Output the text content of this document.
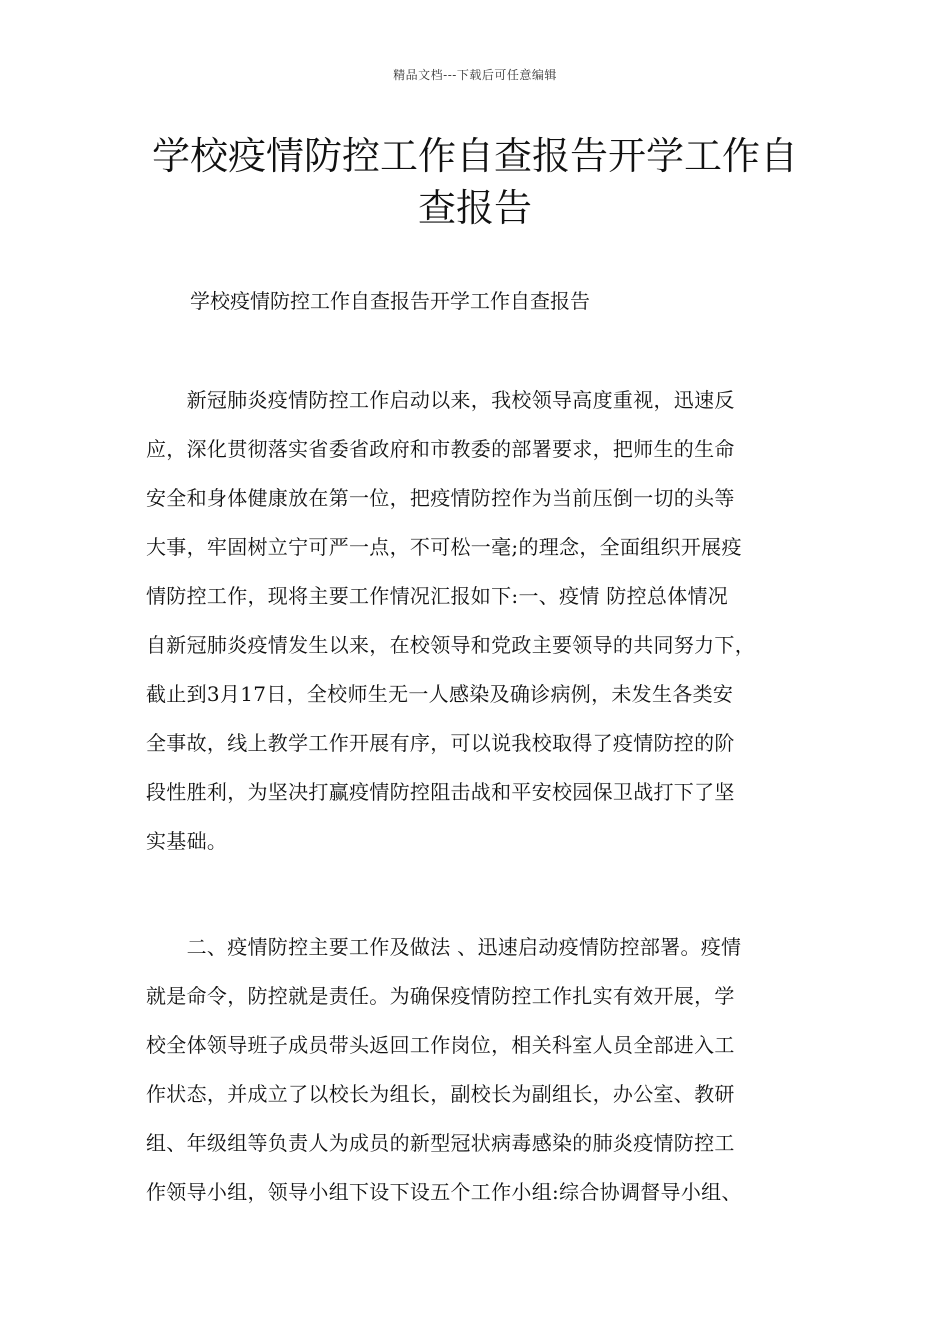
精品文档---下载后可任意编辑
学校疫情防控工作自查报告开学工作自
查报告
学校疫情防控工作自查报告开学工作自查报告
　　新冠肺炎疫情防控工作启动以来，我校领导高度重视，迅速反
应，深化贯彻落实省委省政府和市教委的部署要求，把师生的生命
安全和身体健康放在第一位，把疫情防控作为当前压倒一切的头等
大事，牢固树立宁可严一点，不可松一毫;的理念，全面组织开展疫
情防控工作，现将主要工作情况汇报如下:一、疫情 防控总体情况
自新冠肺炎疫情发生以来，在校领导和党政主要领导的共同努力下，
截止到3月17日，全校师生无一人感染及确诊病例，未发生各类安
全事故，线上教学工作开展有序，可以说我校取得了疫情防控的阶
段性胜利，为坚决打赢疫情防控阻击战和平安校园保卫战打下了坚
实基础。
　　二、疫情防控主要工作及做法 、迅速启动疫情防控部署。疫情
就是命令，防控就是责任。为确保疫情防控工作扎实有效开展，学
校全体领导班子成员带头返回工作岗位，相关科室人员全部进入工
作状态，并成立了以校长为组长，副校长为副组长，办公室、教研
组、年级组等负责人为成员的新型冠状病毒感染的肺炎疫情防控工
作领导小组，领导小组下设下设五个工作小组:综合协调督导小组、
